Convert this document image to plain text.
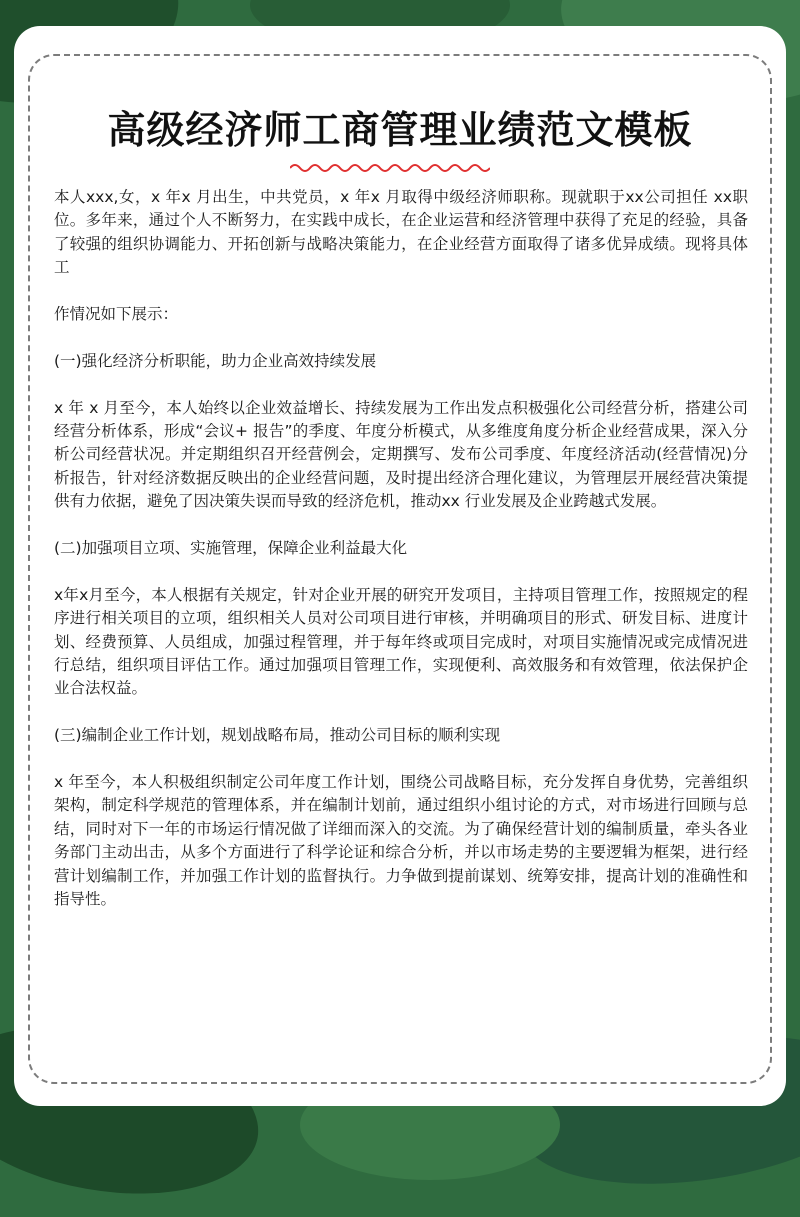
高级经济师工商管理业绩范文模板

本人xxx,女，x 年x 月出生，中共党员，x 年x 月取得中级经济师职称。现就职于xx公司担任 xx职位。多年来，通过个人不断努力，在实践中成长，在企业运营和经济管理中获得了充足的经验，具备了较强的组织协调能力、开拓创新与战略决策能力，在企业经营方面取得了诸多优异成绩。现将具体工

作情况如下展示：

(一)强化经济分析职能，助力企业高效持续发展

x 年 x 月至今，本人始终以企业效益增长、持续发展为工作出发点积极强化公司经营分析，搭建公司经营分析体系，形成“会议+ 报告”的季度、年度分析模式，从多维度角度分析企业经营成果，深入分析公司经营状况。并定期组织召开经营例会，定期撰写、发布公司季度、年度经济活动(经营情况)分析报告，针对经济数据反映出的企业经营问题，及时提出经济合理化建议，为管理层开展经营决策提供有力依据，避免了因决策失误而导致的经济危机，推动xx 行业发展及企业跨越式发展。

(二)加强项目立项、实施管理，保障企业利益最大化

x年x月至今，本人根据有关规定，针对企业开展的研究开发项目，主持项目管理工作，按照规定的程序进行相关项目的立项，组织相关人员对公司项目进行审核，并明确项目的形式、研发目标、进度计划、经费预算、人员组成，加强过程管理，并于每年终或项目完成时，对项目实施情况或完成情况进行总结，组织项目评估工作。通过加强项目管理工作，实现便利、高效服务和有效管理，依法保护企业合法权益。

(三)编制企业工作计划，规划战略布局，推动公司目标的顺利实现

x 年至今，本人积极组织制定公司年度工作计划，围绕公司战略目标，充分发挥自身优势，完善组织架构，制定科学规范的管理体系，并在编制计划前，通过组织小组讨论的方式，对市场进行回顾与总结，同时对下一年的市场运行情况做了详细而深入的交流。为了确保经营计划的编制质量，牵头各业务部门主动出击，从多个方面进行了科学论证和综合分析，并以市场走势的主要逻辑为框架，进行经营计划编制工作，并加强工作计划的监督执行。力争做到提前谋划、统筹安排，提高计划的准确性和指导性。
